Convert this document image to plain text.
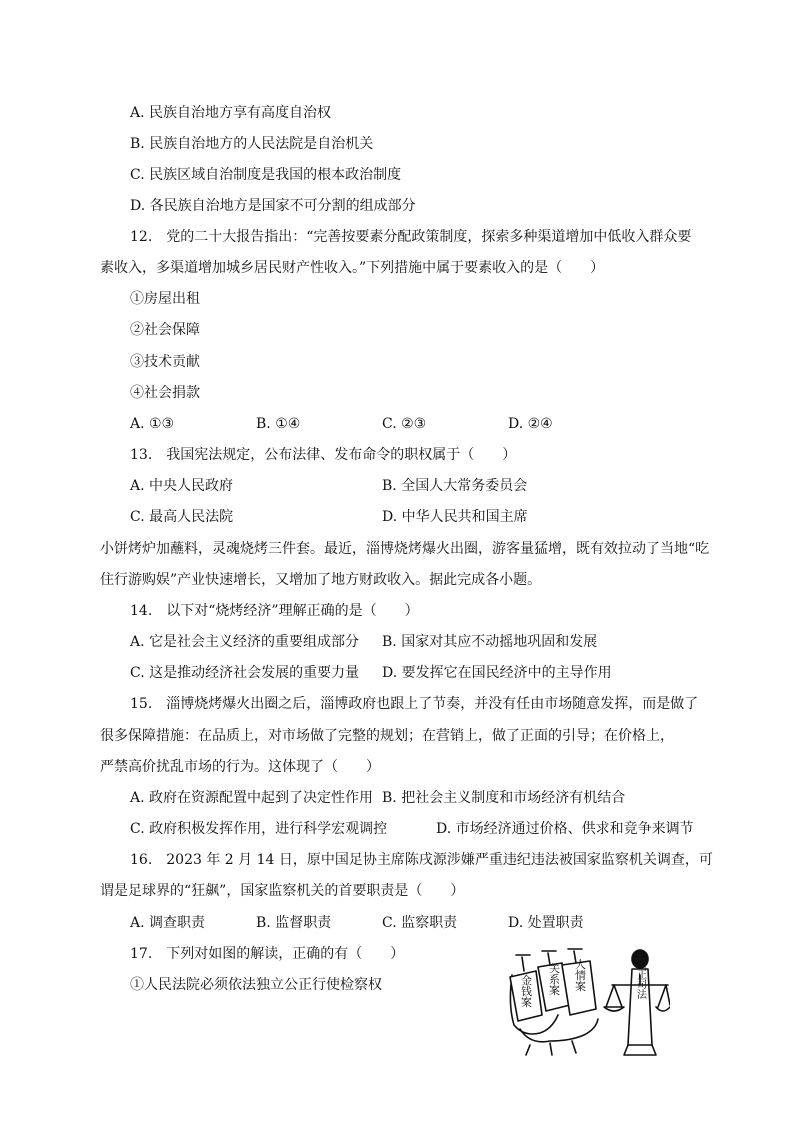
A. 民族自治地方享有高度自治权
B. 民族自治地方的人民法院是自治机关
C. 民族区域自治制度是我国的根本政治制度
D. 各民族自治地方是国家不可分割的组成部分
12.　党的二十大报告指出：“完善按要素分配政策制度，探索多种渠道增加中低收入群众要
素收入，多渠道增加城乡居民财产性收入。”下列措施中属于要素收入的是（　　）
①房屋出租
②社会保障
③技术贡献
④社会捐款
A. ①③	B. ①④	C. ②③	D. ②④
13.　我国宪法规定，公布法律、发布命令的职权属于（　　）
A. 中央人民政府	B. 全国人大常务委员会
C. 最高人民法院	D. 中华人民共和国主席
小饼烤炉加蘸料，灵魂烧烤三件套。最近，淄博烧烤爆火出圈，游客量猛增，既有效拉动了当地“吃
住行游购娱”产业快速增长，又增加了地方财政收入。据此完成各小题。
14.　以下对“烧烤经济”理解正确的是（　　）
A. 它是社会主义经济的重要组成部分 B. 国家对其应不动摇地巩固和发展
C. 这是推动经济社会发展的重要力量 D. 要发挥它在国民经济中的主导作用
15.　淄博烧烤爆火出圈之后，淄博政府也跟上了节奏，并没有任由市场随意发挥，而是做了
很多保障措施：在品质上，对市场做了完整的规划；在营销上，做了正面的引导；在价格上，
严禁高价扰乱市场的行为。这体现了（　　）
A. 政府在资源配置中起到了决定性作用 B. 把社会主义制度和市场经济有机结合
C. 政府积极发挥作用，进行科学宏观调控	D. 市场经济通过价格、供求和竞争来调节
16.　2023 年 2 月 14 日，原中国足协主席陈戌源涉嫌严重违纪违法被国家监察机关调查，可
谓是足球界的“狂飙”，国家监察机关的首要职责是（　　）
A. 调查职责	B. 监督职责	C. 监察职责	D. 处置职责
17.　下列对如图的解读，正确的有（　　）
①人民法院必须依法独立公正行使检察权	金钱案 关系案 人情案	公正司法
